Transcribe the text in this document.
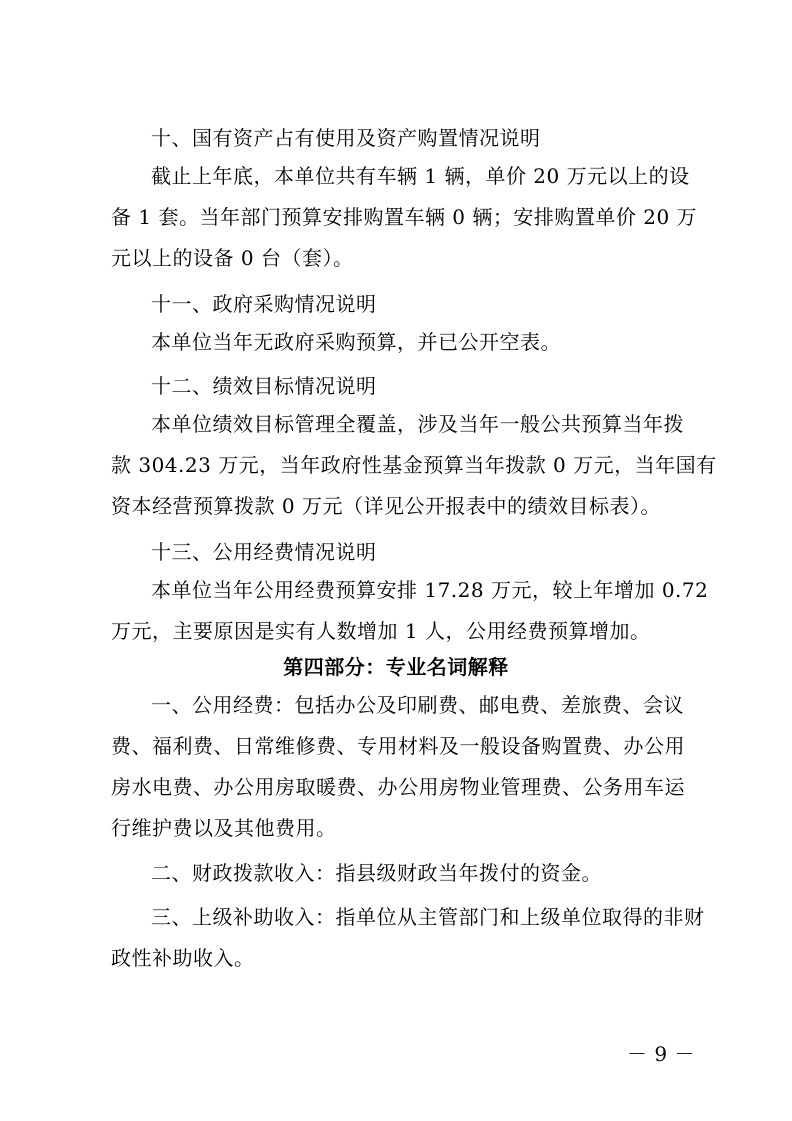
十、国有资产占有使用及资产购置情况说明
截止上年底，本单位共有车辆 1 辆，单价 20 万元以上的设
备 1 套。当年部门预算安排购置车辆 0 辆；安排购置单价 20 万
元以上的设备 0 台（套）。
十一、政府采购情况说明
本单位当年无政府采购预算，并已公开空表。
十二、绩效目标情况说明
本单位绩效目标管理全覆盖，涉及当年一般公共预算当年拨
款 304.23 万元，当年政府性基金预算当年拨款 0 万元，当年国有
资本经营预算拨款 0 万元（详见公开报表中的绩效目标表）。
十三、公用经费情况说明
本单位当年公用经费预算安排 17.28 万元，较上年增加 0.72
万元，主要原因是实有人数增加 1 人，公用经费预算增加。
第四部分：专业名词解释
一、公用经费：包括办公及印刷费、邮电费、差旅费、会议
费、福利费、日常维修费、专用材料及一般设备购置费、办公用
房水电费、办公用房取暖费、办公用房物业管理费、公务用车运
行维护费以及其他费用。
二、财政拨款收入：指县级财政当年拨付的资金。
三、上级补助收入：指单位从主管部门和上级单位取得的非财
政性补助收入。
－ 9 －
